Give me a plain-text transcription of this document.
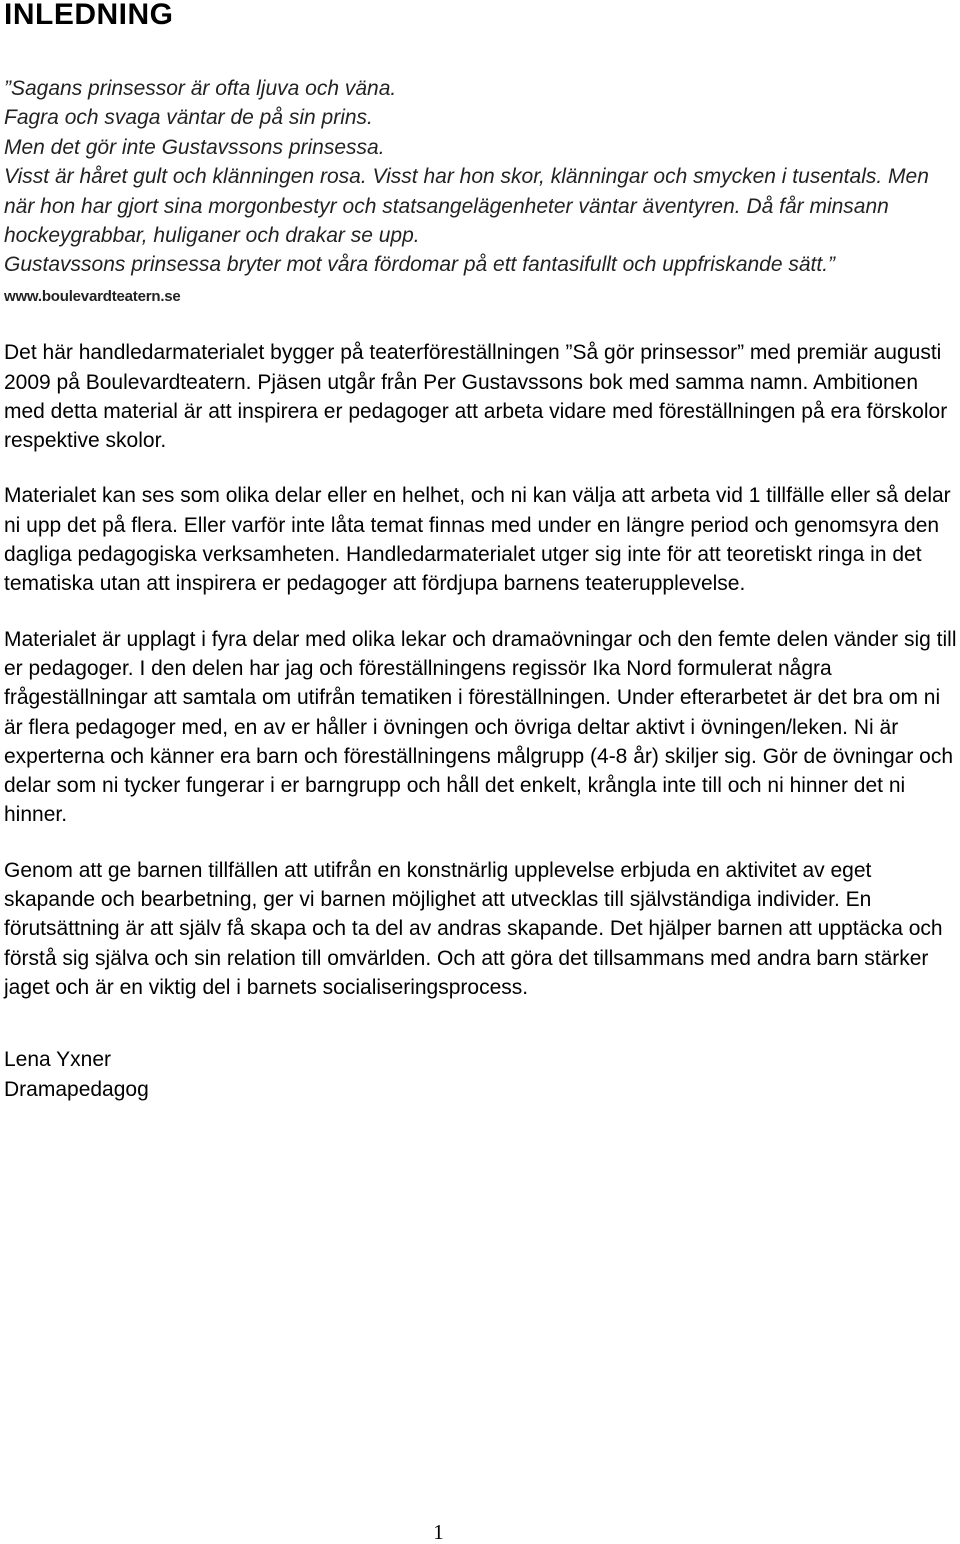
INLEDNING

”Sagans prinsessor är ofta ljuva och väna.
Fagra och svaga väntar de på sin prins.
Men det gör inte Gustavssons prinsessa.
Visst är håret gult och klänningen rosa. Visst har hon skor, klänningar och smycken i tusentals. Men när hon har gjort sina morgonbestyr och statsangelägenheter väntar äventyren. Då får minsann hockeygrabbar, huliganer och drakar se upp.
Gustavssons prinsessa bryter mot våra fördomar på ett fantasifullt och uppfriskande sätt.” www.boulevardteatern.se

Det här handledarmaterialet bygger på teaterföreställningen ”Så gör prinsessor” med premiär augusti 2009 på Boulevardteatern. Pjäsen utgår från Per Gustavssons bok med samma namn. Ambitionen med detta material är att inspirera er pedagoger att arbeta vidare med föreställningen på era förskolor respektive skolor.

Materialet kan ses som olika delar eller en helhet, och ni kan välja att arbeta vid 1 tillfälle eller så delar ni upp det på flera. Eller varför inte låta temat finnas med under en längre period och genomsyra den dagliga pedagogiska verksamheten. Handledarmaterialet utger sig inte för att teoretiskt ringa in det tematiska utan att inspirera er pedagoger att fördjupa barnens teaterupplevelse.

Materialet är upplagt i fyra delar med olika lekar och dramaövningar och den femte delen vänder sig till er pedagoger. I den delen har jag och föreställningens regissör Ika Nord formulerat några frågeställningar att samtala om utifrån tematiken i föreställningen. Under efterarbetet är det bra om ni är flera pedagoger med, en av er håller i övningen och övriga deltar aktivt i övningen/leken. Ni är experterna och känner era barn och föreställningens målgrupp (4-8 år) skiljer sig. Gör de övningar och delar som ni tycker fungerar i er barngrupp och håll det enkelt, krångla inte till och ni hinner det ni hinner.

Genom att ge barnen tillfällen att utifrån en konstnärlig upplevelse erbjuda en aktivitet av eget skapande och bearbetning, ger vi barnen möjlighet att utvecklas till självständiga individer. En förutsättning är att själv få skapa och ta del av andras skapande. Det hjälper barnen att upptäcka och förstå sig själva och sin relation till omvärlden. Och att göra det tillsammans med andra barn stärker jaget och är en viktig del i barnets socialiseringsprocess.

Lena Yxner
Dramapedagog
1
